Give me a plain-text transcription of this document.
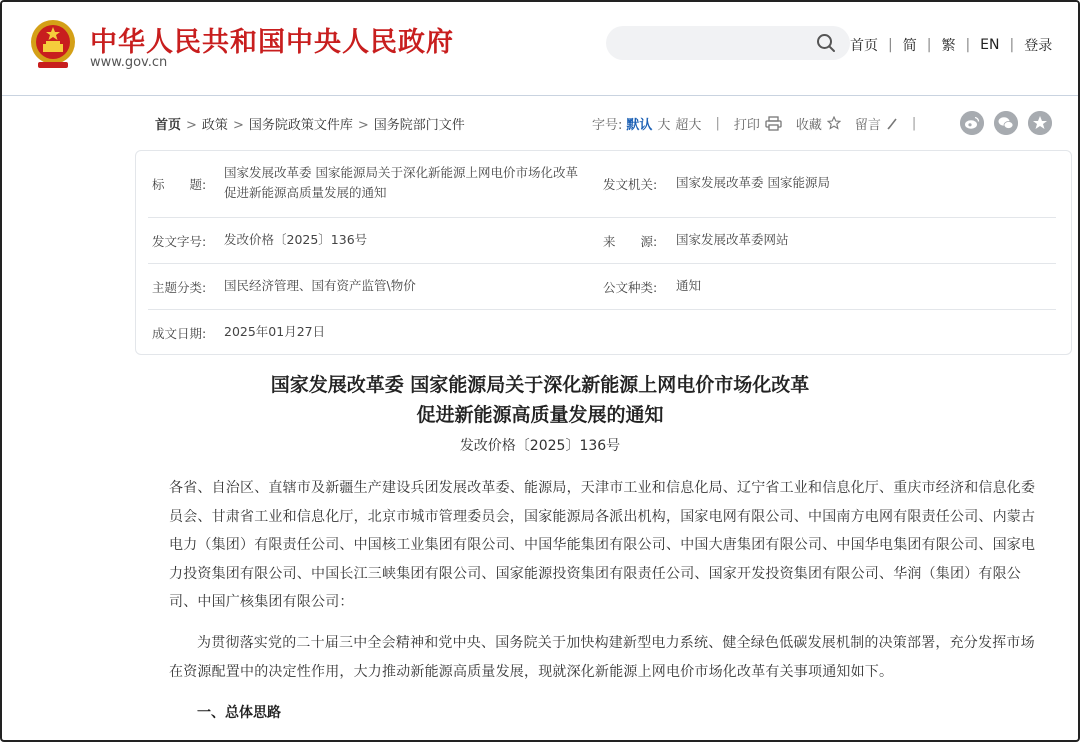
中华人民共和国中央人民政府
www.gov.cn
首页 | 简 | 繁 | EN | 登录
首页 > 政策 > 国务院政策文件库 > 国务院部门文件	字号: 默认 大 超大 | 打印	收藏	留言 |
标　　题:
国家发展改革委 国家能源局关于深化新能源上网电价市场化改革
促进新能源高质量发展的通知
发文机关: 国家发展改革委 国家能源局
发文字号: 发改价格〔2025〕136号	来　　源: 国家发展改革委网站
主题分类: 国民经济管理、国有资产监管\物价	公文种类: 通知
成文日期: 2025年01月27日
国家发展改革委 国家能源局关于深化新能源上网电价市场化改革
促进新能源高质量发展的通知
发改价格〔2025〕136号
各省、自治区、直辖市及新疆生产建设兵团发展改革委、能源局，天津市工业和信息化局、辽宁省工业和信息化厅、重庆市经济和信息化委员会、甘肃省工业和信息化厅，北京市城市管理委员会，国家能源局各派出机构，国家电网有限公司、中国南方电网有限责任公司、内蒙古电力（集团）有限责任公司、中国核工业集团有限公司、中国华能集团有限公司、中国大唐集团有限公司、中国华电集团有限公司、国家电力投资集团有限公司、中国长江三峡集团有限公司、国家能源投资集团有限责任公司、国家开发投资集团有限公司、华润（集团）有限公司、中国广核集团有限公司：
为贯彻落实党的二十届三中全会精神和党中央、国务院关于加快构建新型电力系统、健全绿色低碳发展机制的决策部署，充分发挥市场在资源配置中的决定性作用，大力推动新能源高质量发展，现就深化新能源上网电价市场化改革有关事项通知如下。
一、总体思路
